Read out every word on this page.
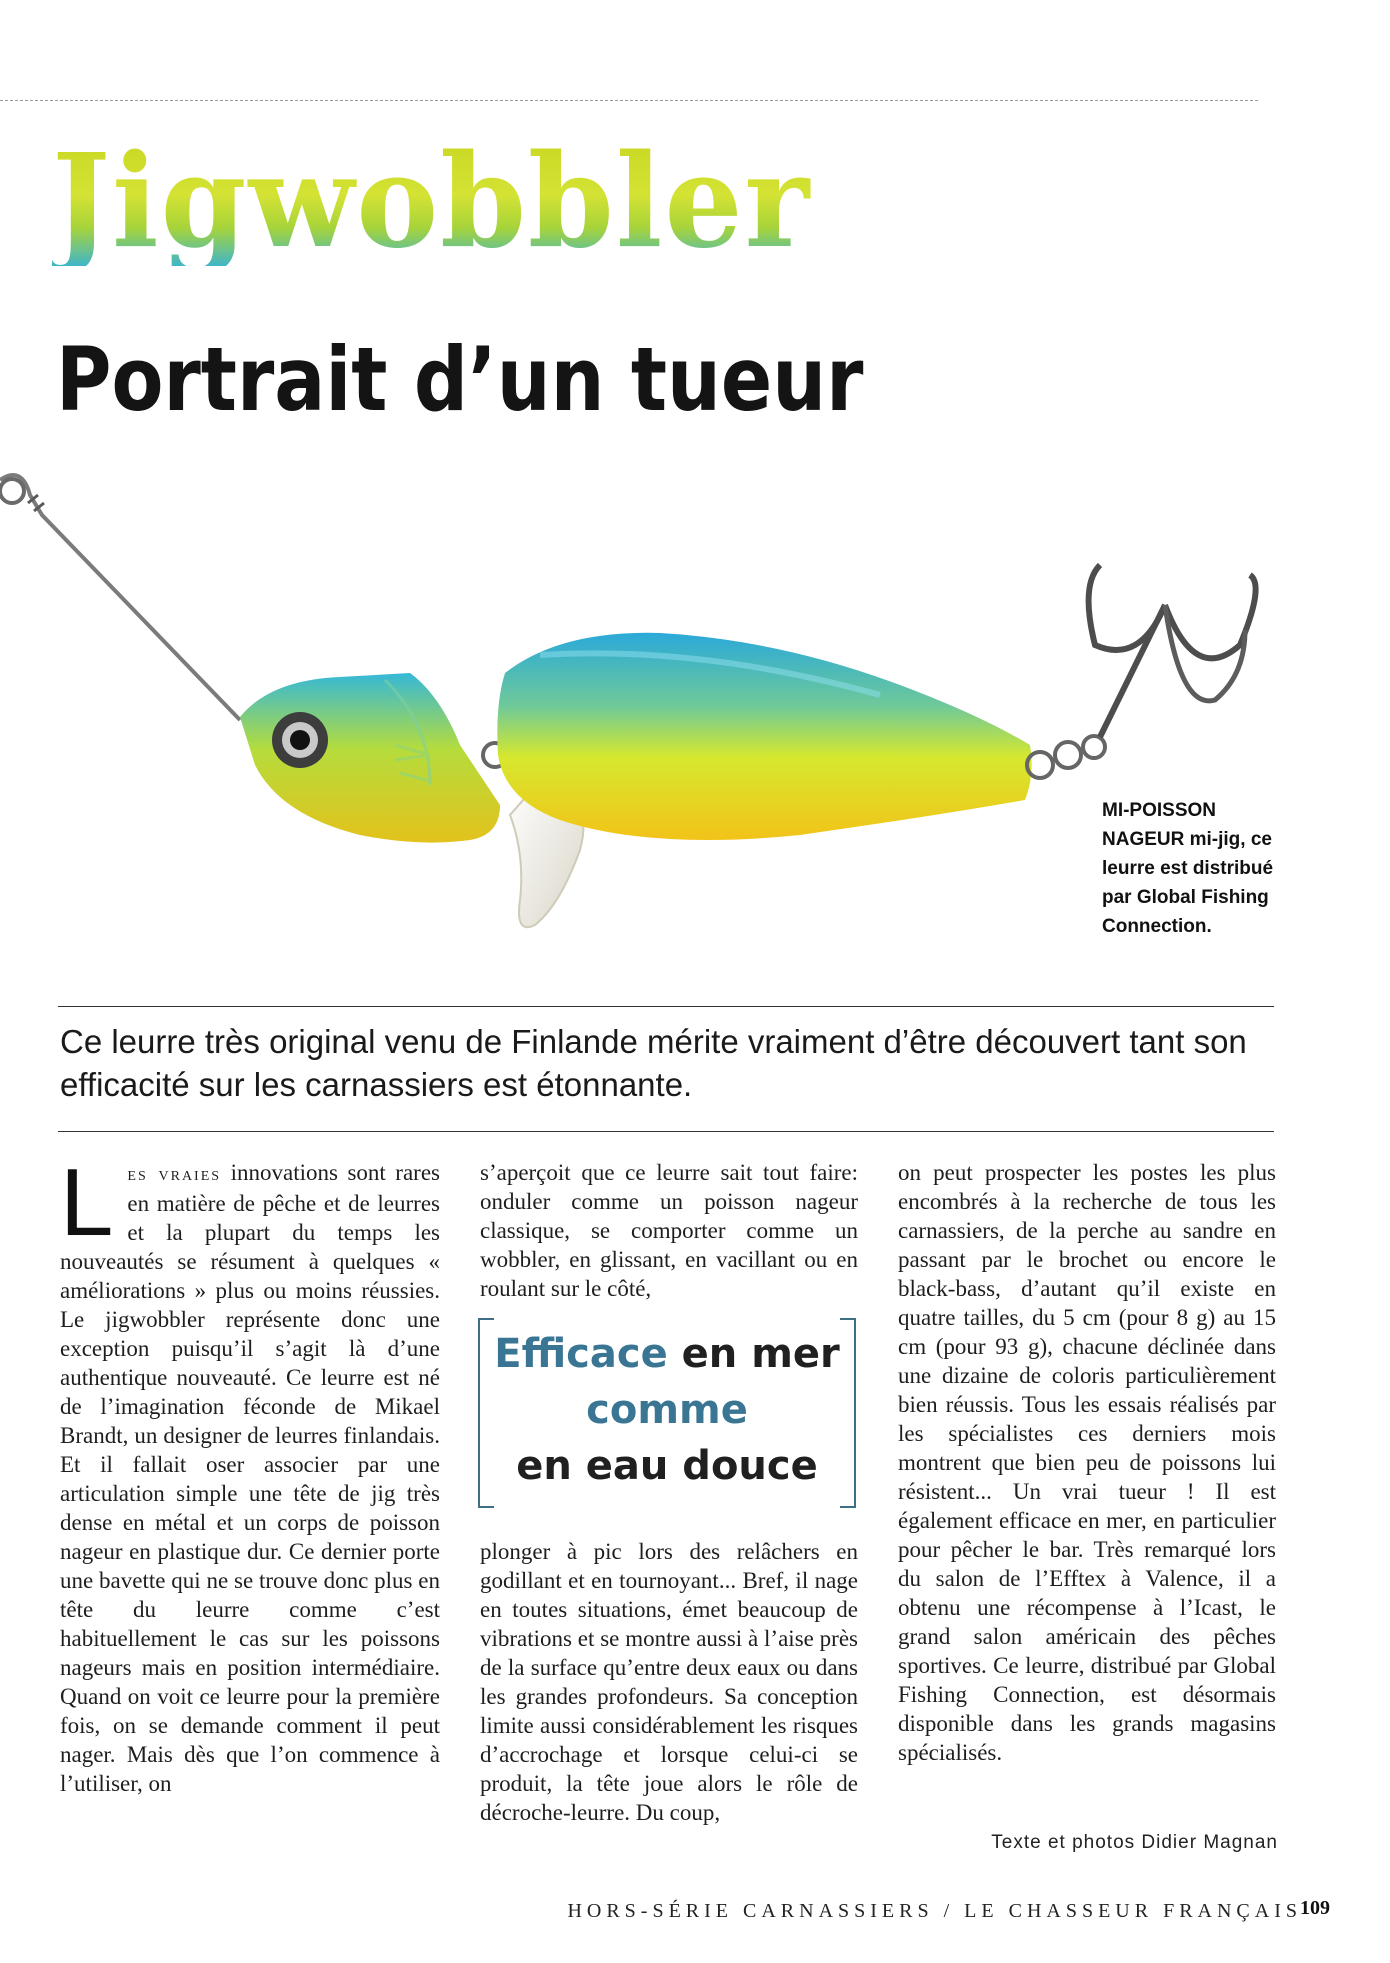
Jigwobbler
Portrait d’un tueur
MI-POISSON NAGEUR mi-jig, ce leurre est distribué par Global Fishing Connection.

Ce leurre très original venu de Finlande mérite vraiment d’être découvert tant son efficacité sur les carnassiers est étonnante.

L es vraies innovations sont rares en matière de pêche et de leurres et la plupart du temps les nouveautés se résument à quelques « améliorations » plus ou moins réussies. Le jigwobbler représente donc une exception puisqu’il s’agit là d’une authentique nouveauté. Ce leurre est né de l’imagination féconde de Mikael Brandt, un designer de leurres finlandais. Et il fallait oser associer par une articulation simple une tête de jig très dense en métal et un corps de poisson nageur en plastique dur. Ce dernier porte une bavette qui ne se trouve donc plus en tête du leurre comme c’est habituellement le cas sur les poissons nageurs mais en position intermédiaire. Quand on voit ce leurre pour la première fois, on se demande comment il peut nager. Mais dès que l’on commence à l’utiliser, on

s’aperçoit que ce leurre sait tout faire: onduler comme un poisson nageur classique, se comporter comme un wobbler, en glissant, en vacillant ou en roulant sur le côté,

Efficace en mer
comme
en eau douce

plonger à pic lors des relâchers en godillant et en tournoyant... Bref, il nage en toutes situations, émet beaucoup de vibrations et se montre aussi à l’aise près de la surface qu’entre deux eaux ou dans les grandes profondeurs. Sa conception limite aussi considérablement les risques d’accrochage et lorsque celui-ci se produit, la tête joue alors le rôle de décroche-leurre. Du coup,

on peut prospecter les postes les plus encombrés à la recherche de tous les carnassiers, de la perche au sandre en passant par le brochet ou encore le black-bass, d’autant qu’il existe en quatre tailles, du 5 cm (pour 8 g) au 15 cm (pour 93 g), chacune déclinée dans une dizaine de coloris particulièrement bien réussis. Tous les essais réalisés par les spécialistes ces derniers mois montrent que bien peu de poissons lui résistent... Un vrai tueur ! Il est également efficace en mer, en particulier pour pêcher le bar. Très remarqué lors du salon de l’Efftex à Valence, il a obtenu une récompense à l’Icast, le grand salon américain des pêches sportives. Ce leurre, distribué par Global Fishing Connection, est désormais disponible dans les grands magasins spécialisés.

Texte et photos Didier Magnan
HORS-SÉRIE CARNASSIERS / LE CHASSEUR FRANÇAIS
109
